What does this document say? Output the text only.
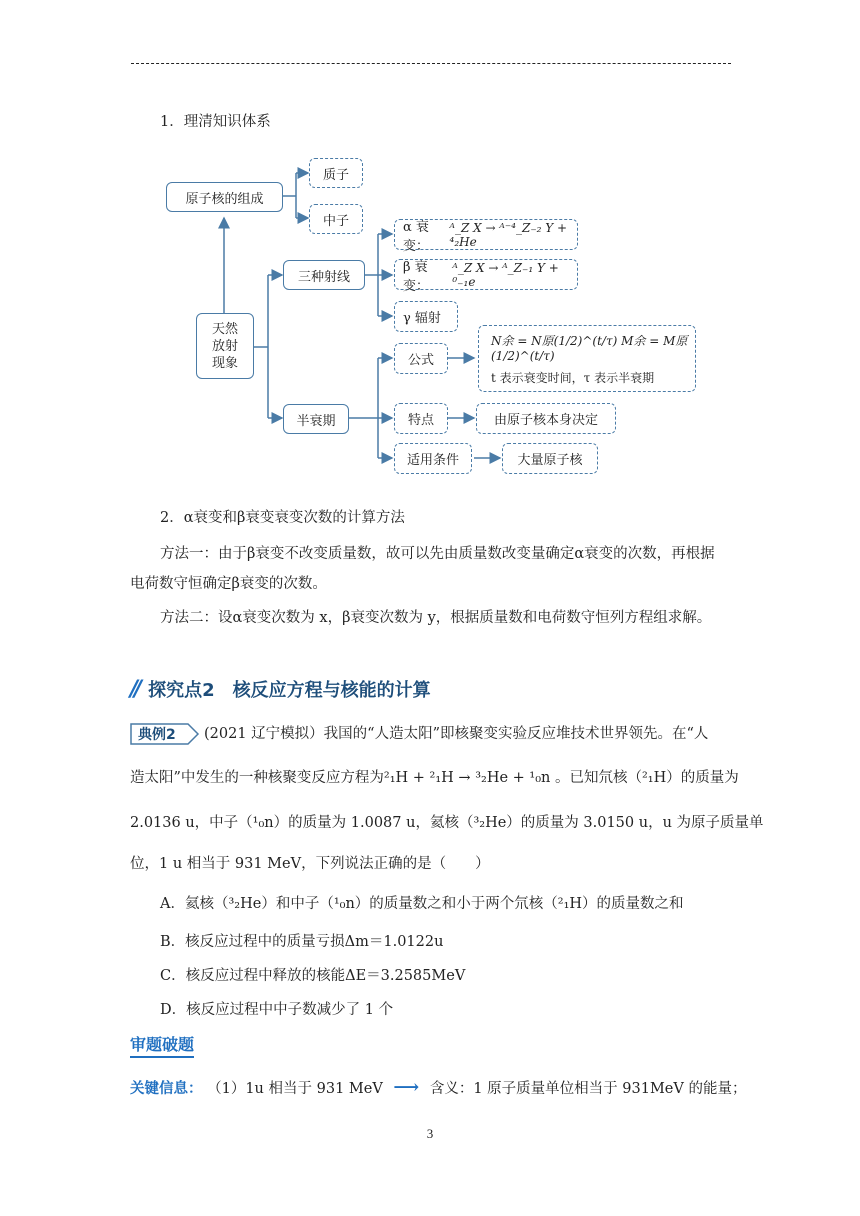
1．理清知识体系
天然放射现象
原子核的组成
质子
中子
三种射线
α 衰变：
ᴬ_Z X → ᴬ⁻⁴_Z₋₂ Y + ⁴₂He
β 衰变：
ᴬ_Z X → ᴬ_Z₋₁ Y + ⁰₋₁e
γ 辐射
半衰期
公式
N余 = N原(1/2)^(t/τ) M余 = M原(1/2)^(t/τ)
t 表示衰变时间，τ 表示半衰期
特点	由原子核本身决定
适用条件	大量原子核
2．α衰变和β衰变衰变次数的计算方法
方法一：由于β衰变不改变质量数，故可以先由质量数改变量确定α衰变的次数，再根据
电荷数守恒确定β衰变的次数。
方法二：设α衰变次数为 x，β衰变次数为 y，根据质量数和电荷数守恒列方程组求解。
// 探究点2　核反应方程与核能的计算
典例2 (2021 辽宁模拟）我国的“人造太阳”即核聚变实验反应堆技术世界领先。在“人
造太阳”中发生的一种核聚变反应方程为²₁H + ²₁H → ³₂He + ¹₀n 。已知氘核（²₁H）的质量为
2.0136 u，中子（¹₀n）的质量为 1.0087 u，氦核（³₂He）的质量为 3.0150 u，u 为原子质量单
位，1 u 相当于 931 MeV，下列说法正确的是（　　）
A．氦核（³₂He）和中子（¹₀n）的质量数之和小于两个氘核（²₁H）的质量数之和
B．核反应过程中的质量亏损Δm＝1.0122u
C．核反应过程中释放的核能ΔE＝3.2585MeV
D．核反应过程中中子数减少了 1 个
审题破题
关键信息： （1）1u 相当于 931 MeV ⟶ 含义：1 原子质量单位相当于 931MeV 的能量；
3
